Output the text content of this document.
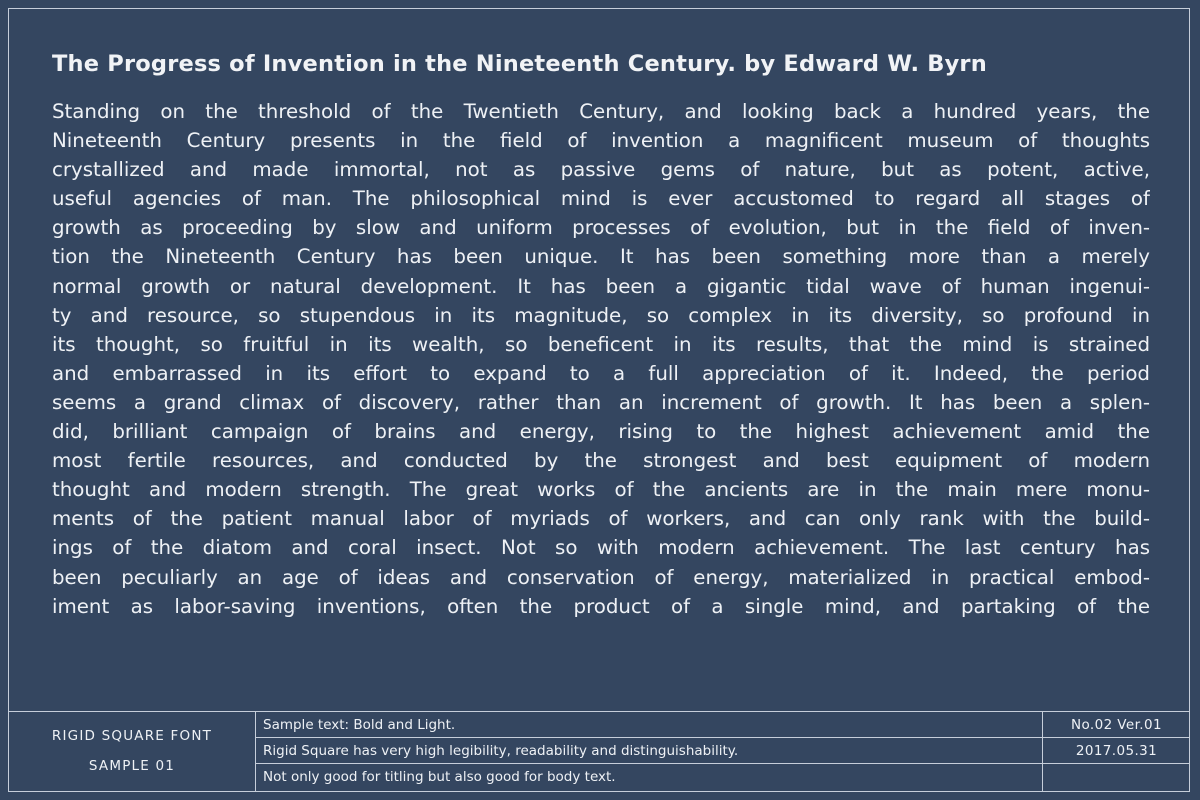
The Progress of Invention in the Nineteenth Century. by Edward W. Byrn
Standing on the threshold of the Twentieth Century, and looking back a hundred years, the
Nineteenth Century presents in the field of invention a magnificent museum of thoughts
crystallized and made immortal, not as passive gems of nature, but as potent, active,
useful agencies of man. The philosophical mind is ever accustomed to regard all stages of
growth as proceeding by slow and uniform processes of evolution, but in the field of inven-
tion the Nineteenth Century has been unique. It has been something more than a merely
normal growth or natural development. It has been a gigantic tidal wave of human ingenui-
ty and resource, so stupendous in its magnitude, so complex in its diversity, so profound in
its thought, so fruitful in its wealth, so beneficent in its results, that the mind is strained
and embarrassed in its effort to expand to a full appreciation of it. Indeed, the period
seems a grand climax of discovery, rather than an increment of growth. It has been a splen-
did, brilliant campaign of brains and energy, rising to the highest achievement amid the
most fertile resources, and conducted by the strongest and best equipment of modern
thought and modern strength. The great works of the ancients are in the main mere monu-
ments of the patient manual labor of myriads of workers, and can only rank with the build-
ings of the diatom and coral insect. Not so with modern achievement. The last century has
been peculiarly an age of ideas and conservation of energy, materialized in practical embod-
iment as labor-saving inventions, often the product of a single mind, and partaking of the
RIGID SQUARE FONT
SAMPLE 01
Sample text: Bold and Light.
Rigid Square has very high legibility, readability and distinguishability.
Not only good for titling but also good for body text.
No.02 Ver.01
2017.05.31
